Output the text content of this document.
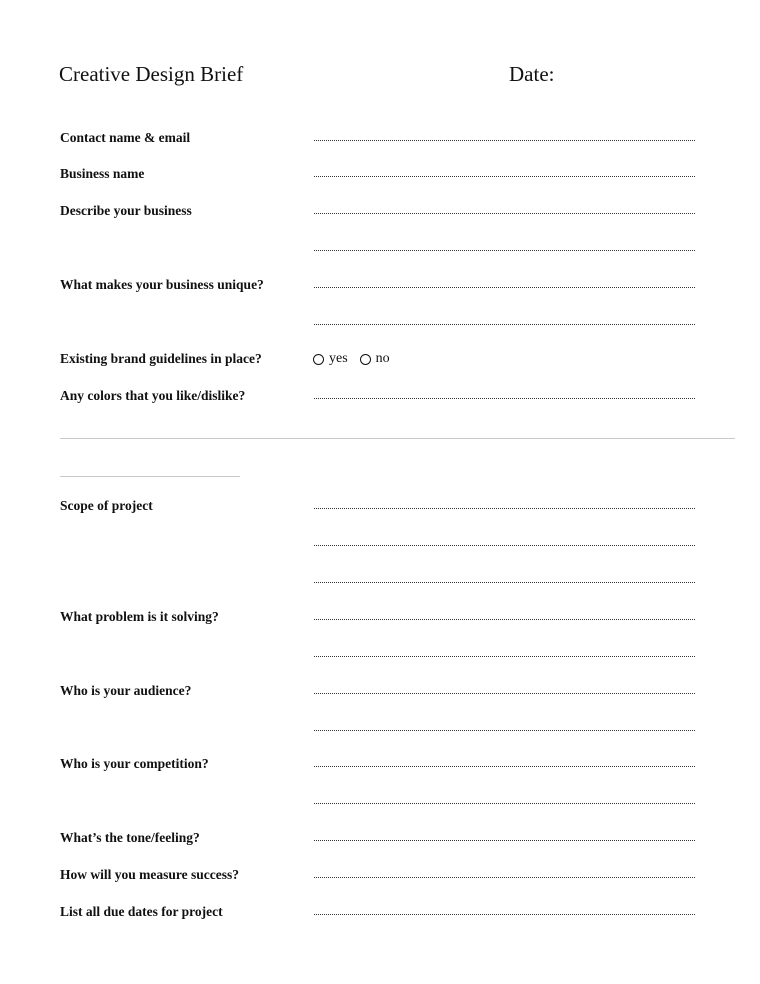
Creative Design Brief	Date:
Contact name & email
Business name
Describe your business
What makes your business unique?
Existing brand guidelines in place?	yes no
Any colors that you like/dislike?
Scope of project
What problem is it solving?
Who is your audience?
Who is your competition?
What’s the tone/feeling?
How will you measure success?
List all due dates for project
